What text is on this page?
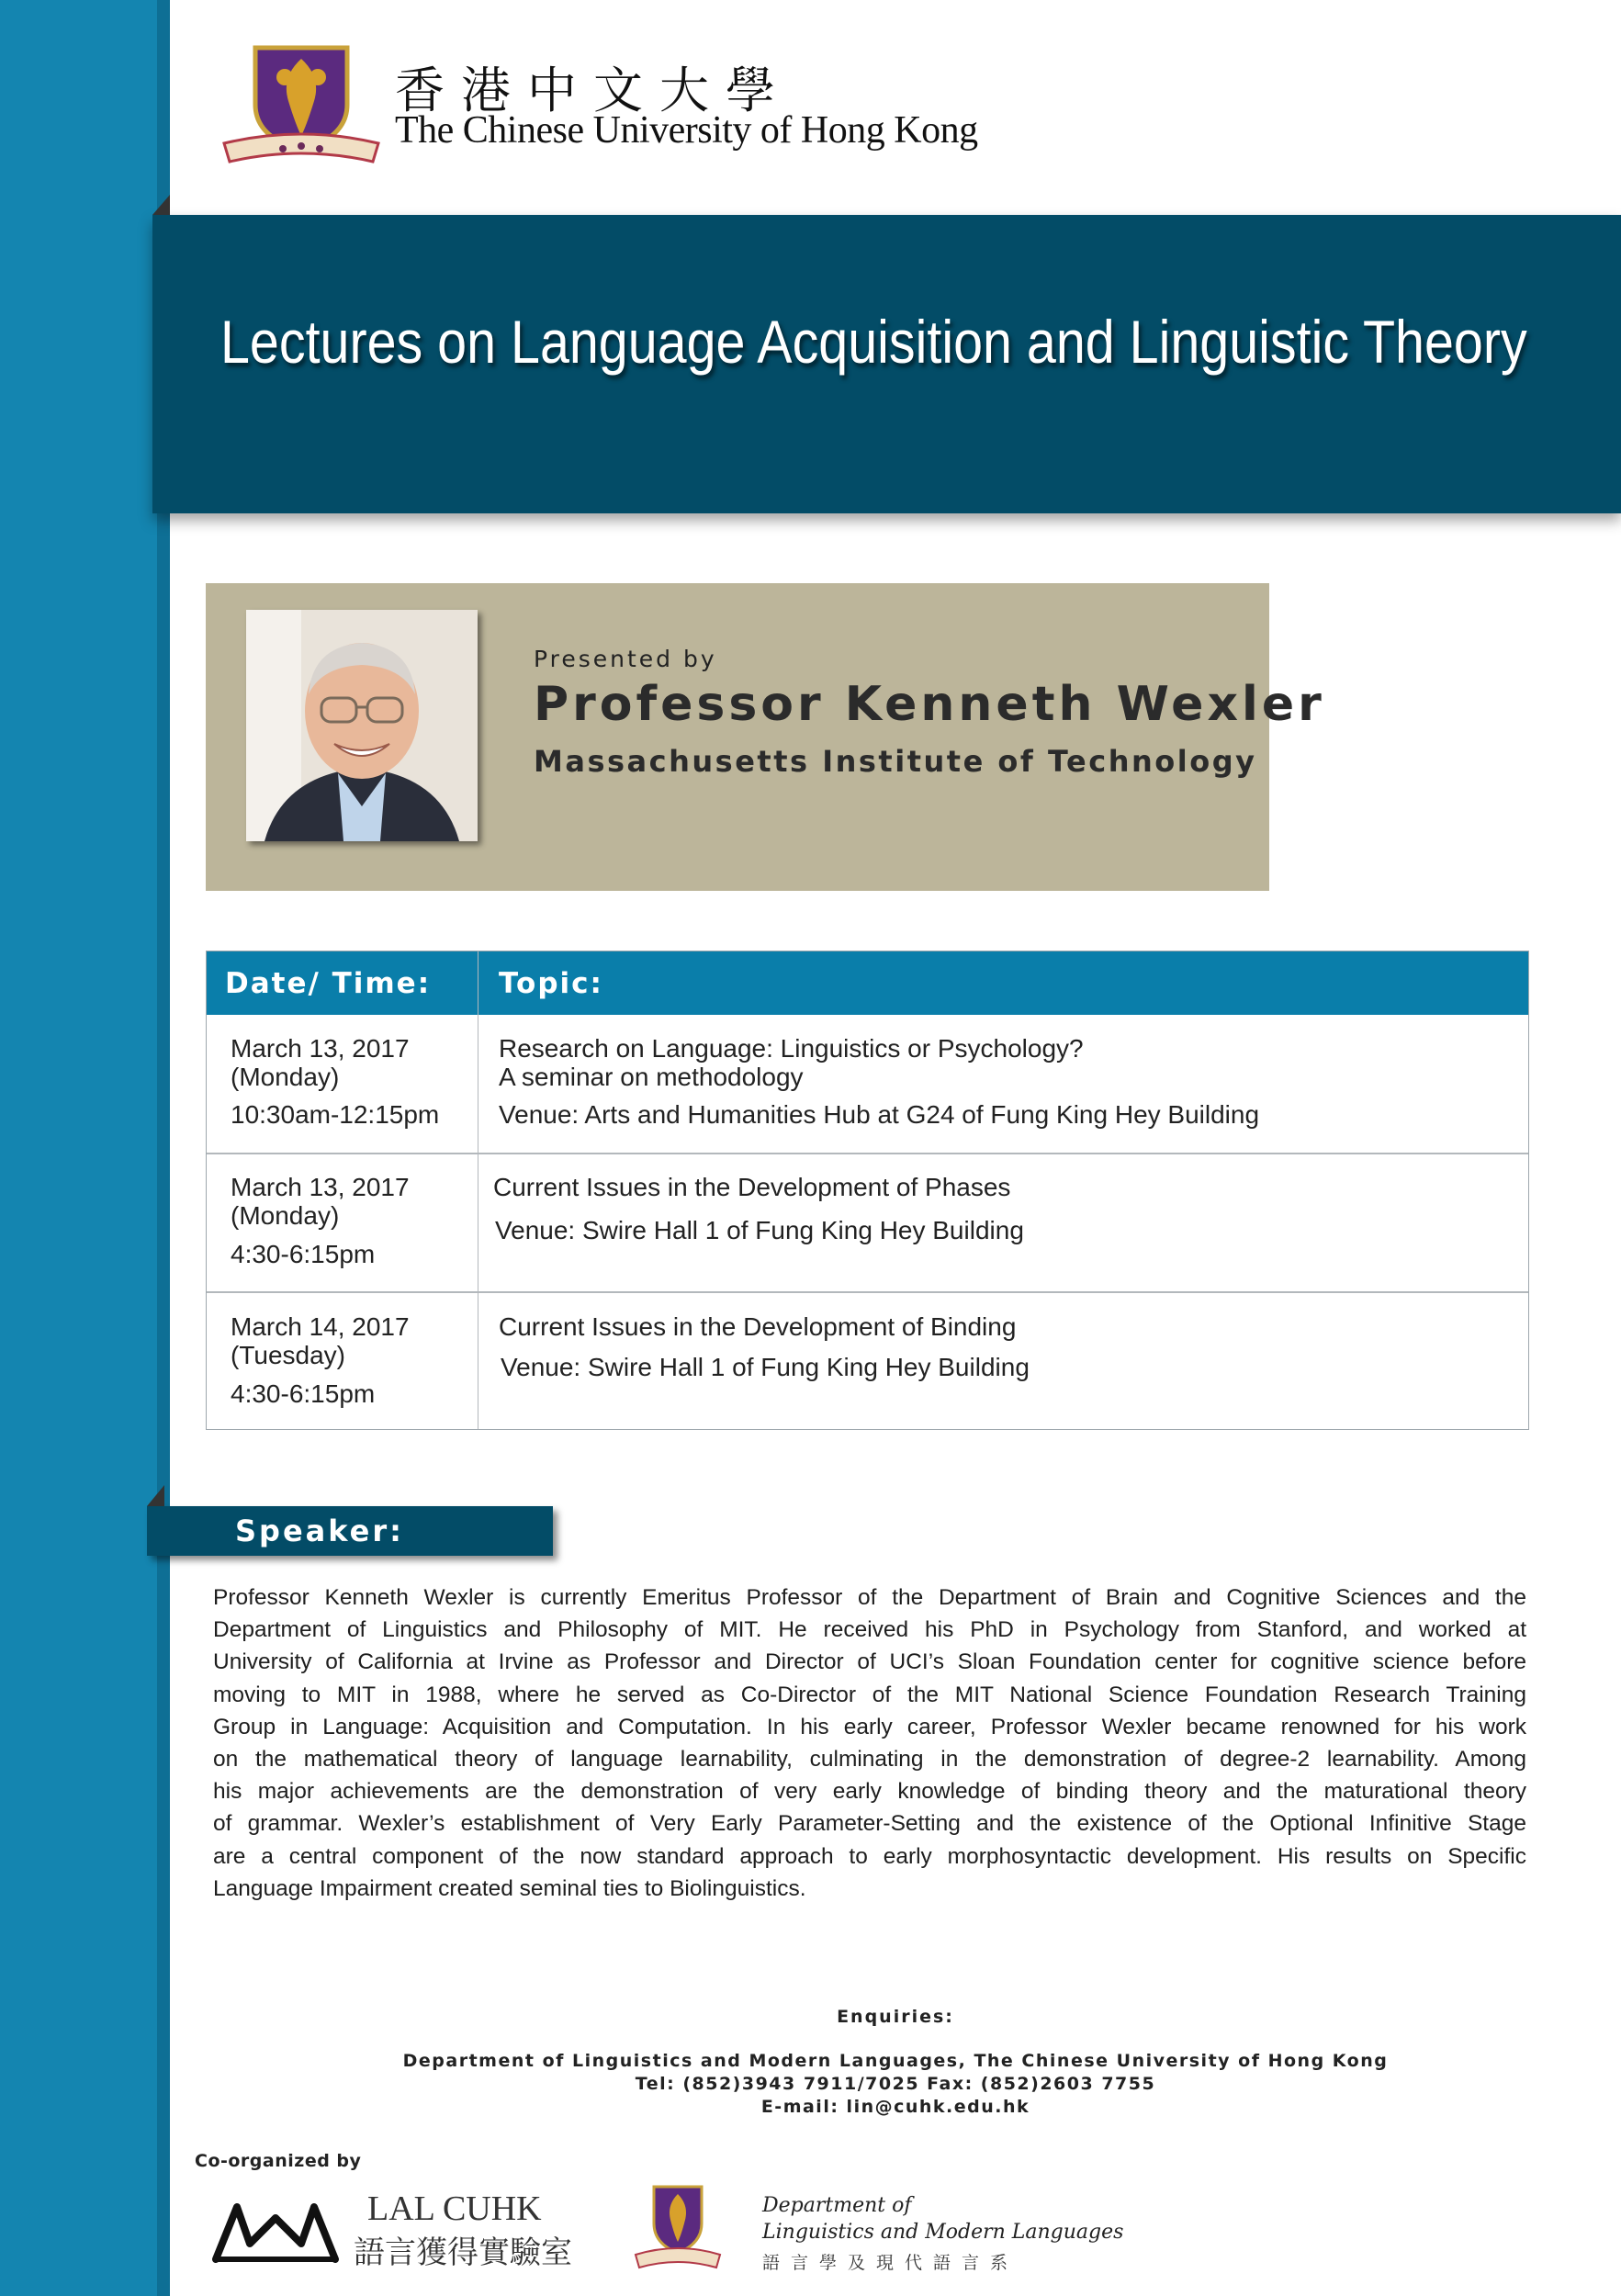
香港中文大學
The Chinese University of Hong Kong
Lectures on Language Acquisition and Linguistic Theory
Presented by
Professor Kenneth Wexler
Massachusetts Institute of Technology
Date/ Time: Topic:
March 13, 2017
(Monday)
10:30am-12:15pm
Research on Language: Linguistics or Psychology?
A seminar on methodology
Venue: Arts and Humanities Hub at G24 of Fung King Hey Building
March 13, 2017
(Monday)
4:30-6:15pm
Current Issues in the Development of Phases
Venue: Swire Hall 1 of Fung King Hey Building
March 14, 2017
(Tuesday)
4:30-6:15pm
Current Issues in the Development of Binding
Venue: Swire Hall 1 of Fung King Hey Building
Speaker:

Professor Kenneth Wexler is currently Emeritus Professor of the Department of Brain and Cognitive Sciences and the

Department of Linguistics and Philosophy of MIT. He received his PhD in Psychology from Stanford, and worked at

University of California at Irvine as Professor and Director of UCI’s Sloan Foundation center for cognitive science before

moving to MIT in 1988, where he served as Co-Director of the MIT National Science Foundation Research Training

Group in Language: Acquisition and Computation. In his early career, Professor Wexler became renowned for his work

on the mathematical theory of language learnability, culminating in the demonstration of degree-2 learnability. Among

his major achievements are the demonstration of very early knowledge of binding theory and the maturational theory

of grammar. Wexler’s establishment of Very Early Parameter-Setting and the existence of the Optional Infinitive Stage

are a central component of the now standard approach to early morphosyntactic development. His results on Specific

Language Impairment created seminal ties to Biolinguistics.

Enquiries:
Department of Linguistics and Modern Languages, The Chinese University of Hong Kong
Tel: (852)3943 7911/7025 Fax: (852)2603 7755
E-mail: lin@cuhk.edu.hk
Co-organized by
LAL CUHK
語言獲得實驗室
Department of
Linguistics and Modern Languages
語言學及現代語言系
